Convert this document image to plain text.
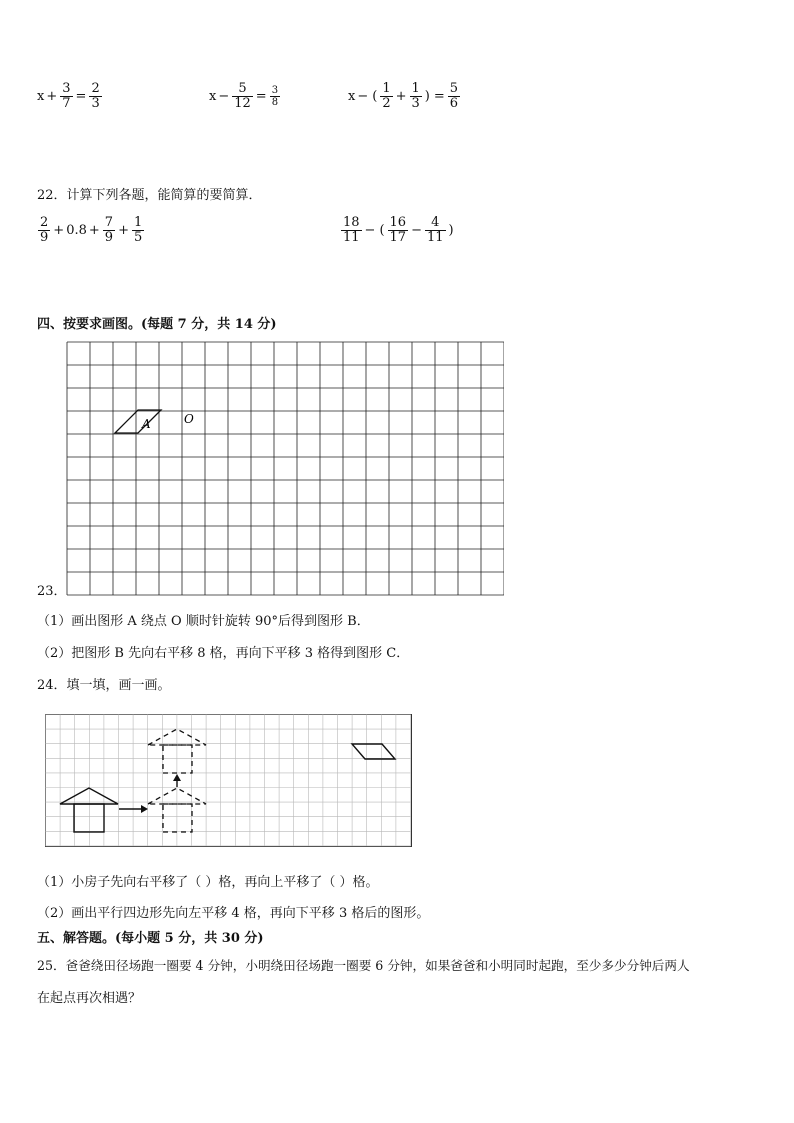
$x + \frac{3}{7} = \frac{2}{3}$	$x - \frac{5}{12} = \frac{3}{8}$	x − ( $\frac{1}{2} + \frac{1}{3}$ ) = $\frac{5}{6}$
22．计算下列各题，能简算的要简算．
$\frac{2}{9} + 0.8 + \frac{7}{9} + \frac{1}{5}$	$\frac{18}{11}$ − ( $\frac{16}{17} - \frac{4}{11}$ )
四、按要求画图。(每题 7 分，共 14 分)
A	O
23．
（1）画出图形 A 绕点 O 顺时针旋转 90°后得到图形 B．
（2）把图形 B 先向右平移 8 格，再向下平移 3 格得到图形 C．
24．填一填，画一画。
（1）小房子先向右平移了（ ）格，再向上平移了（ ）格。
（2）画出平行四边形先向左平移 4 格，再向下平移 3 格后的图形。
五、解答题。(每小题 5 分，共 30 分)
25．爸爸绕田径场跑一圈要 4 分钟，小明绕田径场跑一圈要 6 分钟，如果爸爸和小明同时起跑，至少多少分钟后两人
在起点再次相遇？
